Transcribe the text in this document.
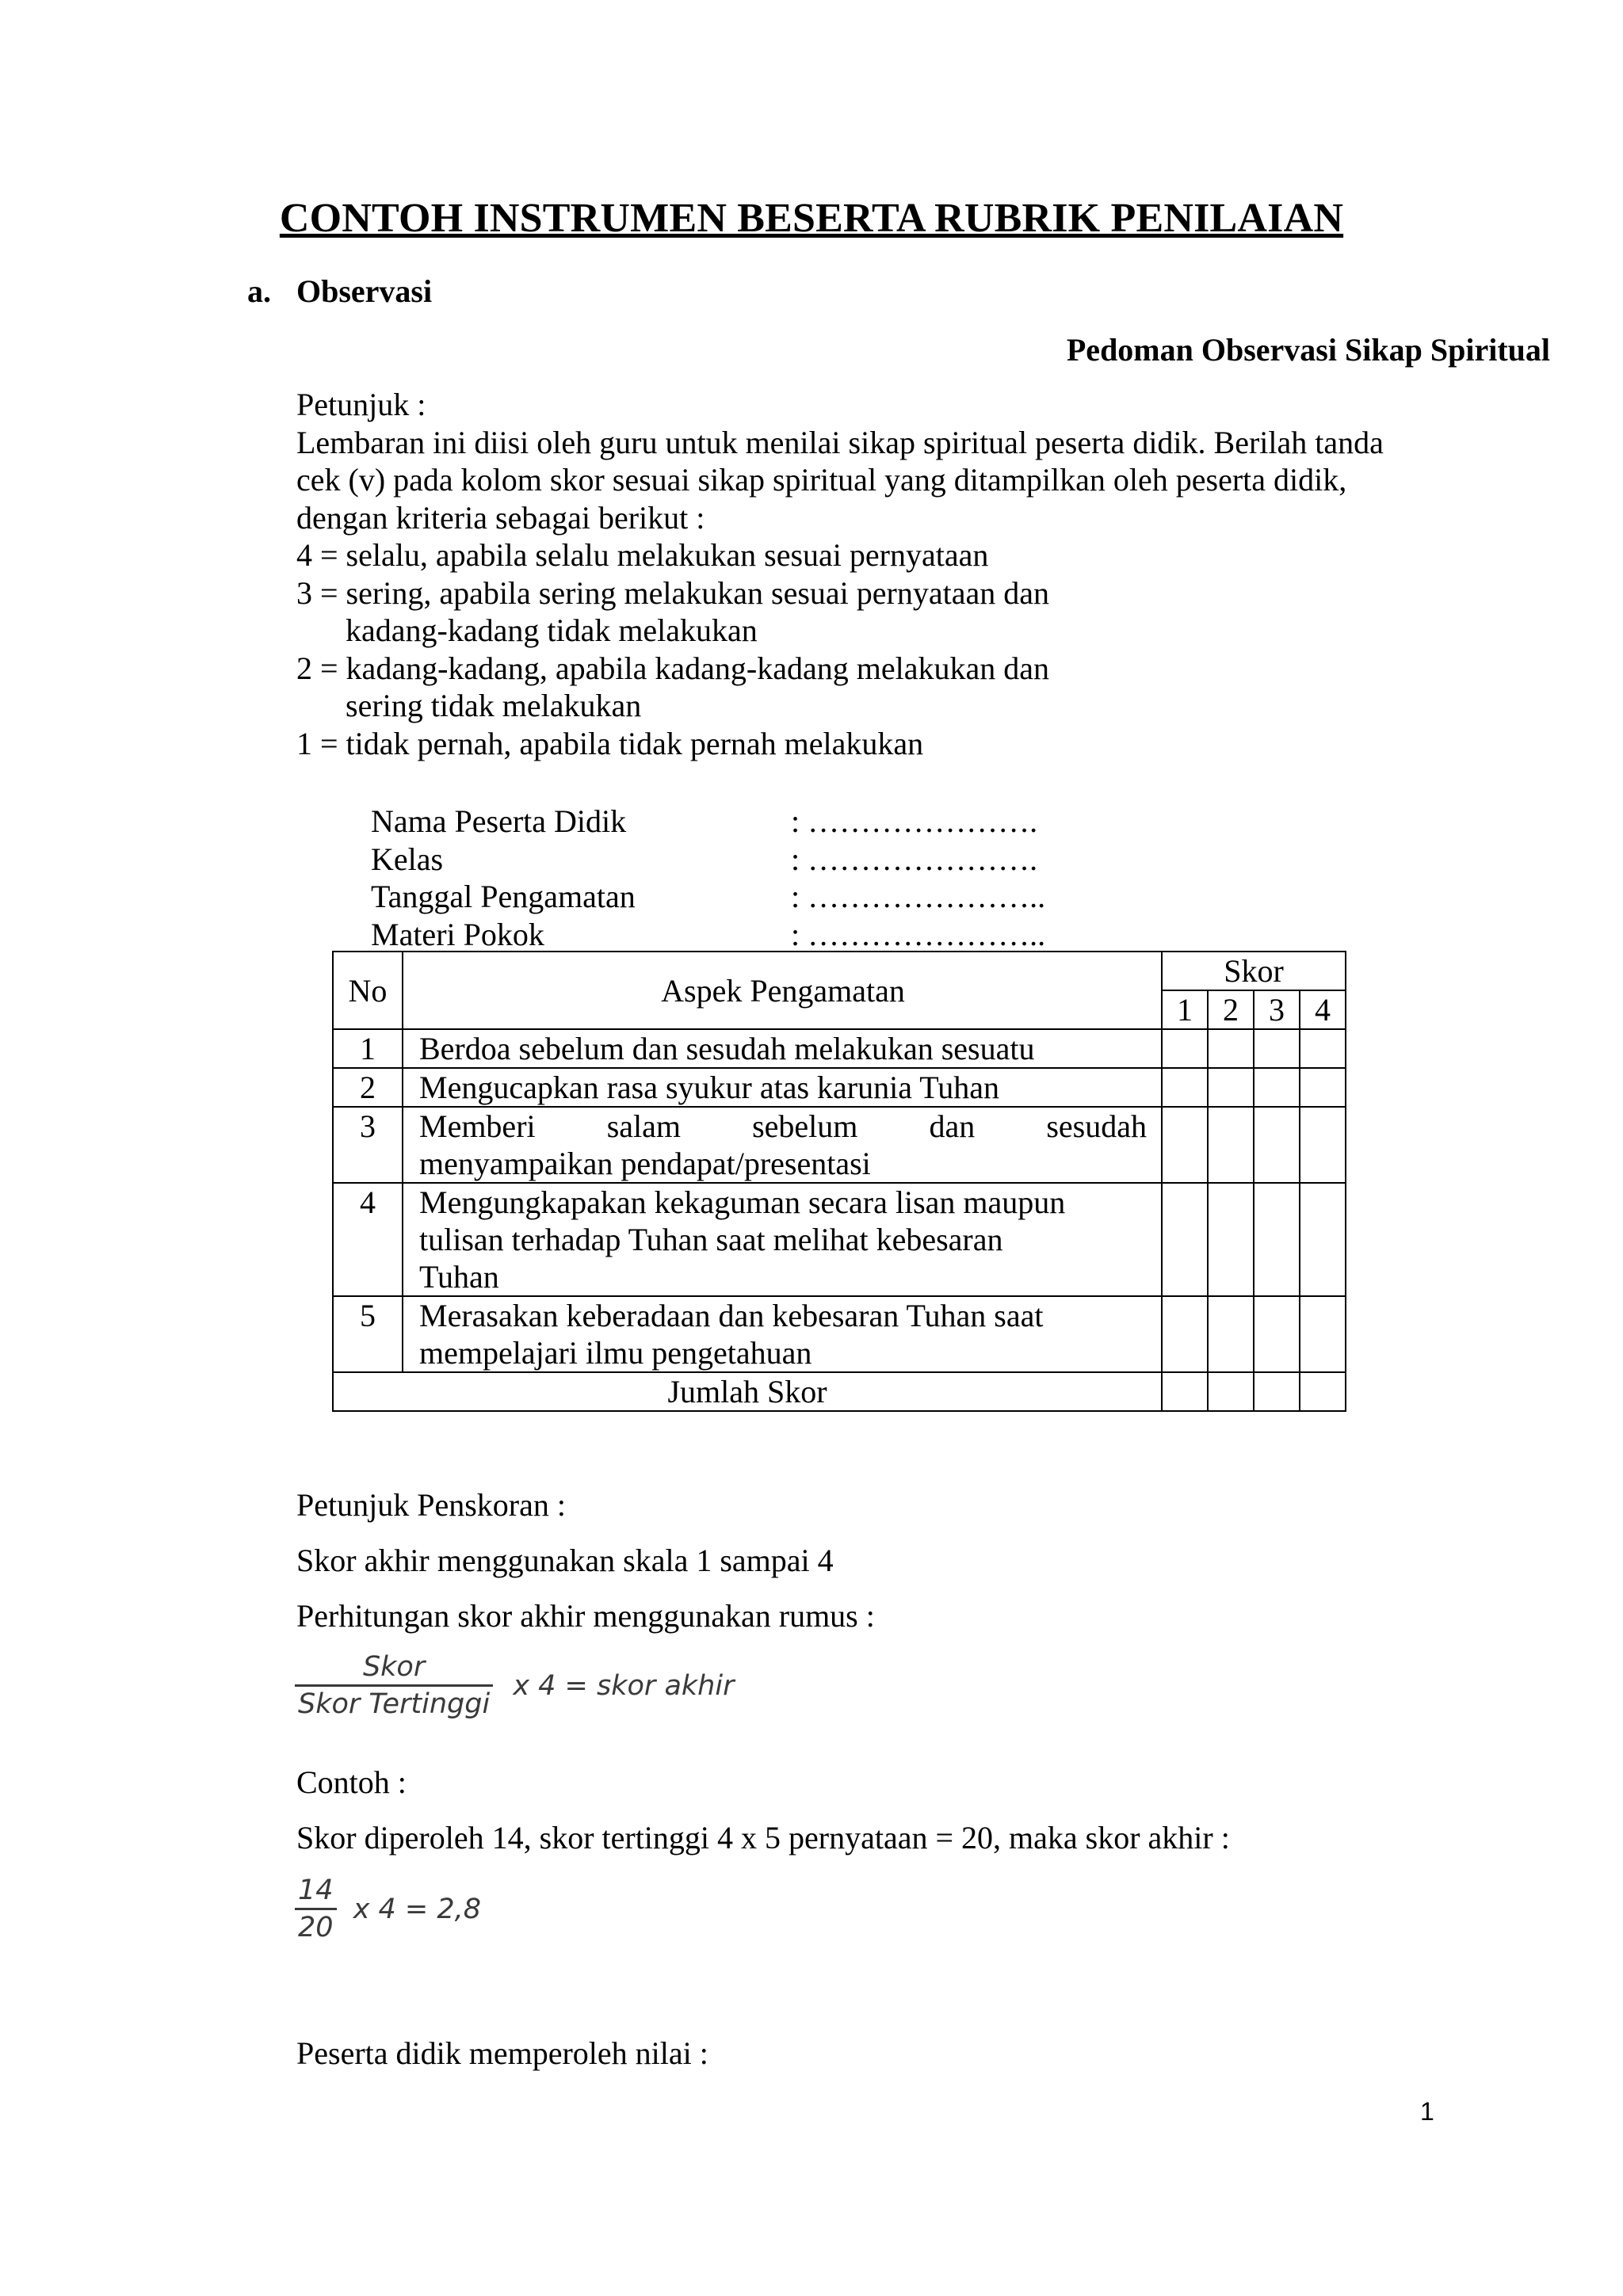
CONTOH INSTRUMEN BESERTA RUBRIK PENILAIAN
a. Observasi
Pedoman Observasi Sikap Spiritual
Petunjuk :
Lembaran ini diisi oleh guru untuk menilai sikap spiritual peserta didik. Berilah tanda
cek (v) pada kolom skor sesuai sikap spiritual yang ditampilkan oleh peserta didik,
dengan kriteria sebagai berikut :
4 = selalu, apabila selalu melakukan sesuai pernyataan
3 = sering, apabila sering melakukan sesuai pernyataan dan
kadang-kadang tidak melakukan
2 = kadang-kadang, apabila kadang-kadang melakukan dan
sering tidak melakukan
1 = tidak pernah, apabila tidak pernah melakukan
Nama Peserta Didik	: ………………….
Kelas	: ………………….
Tanggal Pengamatan	: …………………..
Materi Pokok	: …………………..
No	Aspek Pengamatan	Skor			
		1	2	3	4
1	Berdoa sebelum dan sesudah melakukan sesuatu				

2	Mengucapkan rasa syukur atas karunia Tuhan				

3	Memberi salam sebelum dan sesudah
menyampaikan pendapat/presentasi				

4	Mengungkapakan kekaguman secara lisan maupun
tulisan terhadap Tuhan saat melihat kebesaran
Tuhan				

5	Merasakan keberadaan dan kebesaran Tuhan saat
mempelajari ilmu pengetahuan				

Jumlah Skor					
Petunjuk Penskoran :
Skor akhir menggunakan skala 1 sampai 4
Perhitungan skor akhir menggunakan rumus :
$\frac{\text{Skor}}{\text{Skor Tertinggi}}$ x 4 = skor akhir
Contoh :
Skor diperoleh 14, skor tertinggi 4 x 5 pernyataan = 20, maka skor akhir :
$\frac{14}{20}$ x 4 = 2,8
Peserta didik memperoleh nilai :
1
